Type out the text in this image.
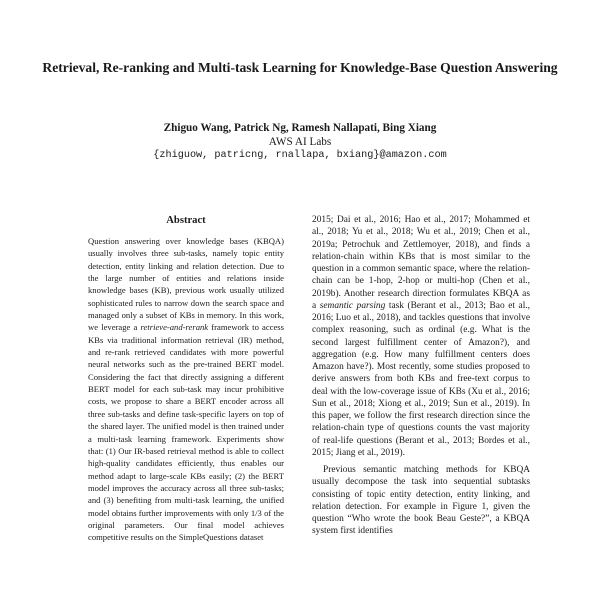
Retrieval, Re-ranking and Multi-task Learning for Knowledge-Base Question Answering
Zhiguo Wang, Patrick Ng, Ramesh Nallapati, Bing Xiang
AWS AI Labs
{zhiguow, patricng, rnallapa, bxiang}@amazon.com
Abstract

Question answering over knowledge bases (KBQA) usually involves three sub-tasks, namely topic entity detection, entity linking and relation detection. Due to the large number of entities and relations inside knowledge bases (KB), previous work usually utilized sophisticated rules to narrow down the search space and managed only a subset of KBs in memory. In this work, we leverage a retrieve-and-rerank framework to access KBs via traditional information retrieval (IR) method, and re-rank retrieved candidates with more powerful neural networks such as the pre-trained BERT model. Considering the fact that directly assigning a different BERT model for each sub-task may incur prohibitive costs, we propose to share a BERT encoder across all three sub-tasks and define task-specific layers on top of the shared layer. The unified model is then trained under a multi-task learning framework. Experiments show that: (1) Our IR-based retrieval method is able to collect high-quality candidates efficiently, thus enables our method adapt to large-scale KBs easily; (2) the BERT model improves the accuracy across all three sub-tasks; and (3) benefiting from multi-task learning, the unified model obtains further improvements with only 1/3 of the original parameters. Our final model achieves competitive results on the SimpleQuestions dataset

2015; Dai et al., 2016; Hao et al., 2017; Mohammed et al., 2018; Yu et al., 2018; Wu et al., 2019; Chen et al., 2019a; Petrochuk and Zettlemoyer, 2018), and finds a relation-chain within KBs that is most similar to the question in a common semantic space, where the relation-chain can be 1-hop, 2-hop or multi-hop (Chen et al., 2019b). Another research direction formulates KBQA as a semantic parsing task (Berant et al., 2013; Bao et al., 2016; Luo et al., 2018), and tackles questions that involve complex reasoning, such as ordinal (e.g. What is the second largest fulfillment center of Amazon?), and aggregation (e.g. How many fulfillment centers does Amazon have?). Most recently, some studies proposed to derive answers from both KBs and free-text corpus to deal with the low-coverage issue of KBs (Xu et al., 2016; Sun et al., 2018; Xiong et al., 2019; Sun et al., 2019). In this paper, we follow the first research direction since the relation-chain type of questions counts the vast majority of real-life questions (Berant et al., 2013; Bordes et al., 2015; Jiang et al., 2019).

Previous semantic matching methods for KBQA usually decompose the task into sequential subtasks consisting of topic entity detection, entity linking, and relation detection. For example in Figure 1, given the question “Who wrote the book Beau Geste?”, a KBQA system first identifies
